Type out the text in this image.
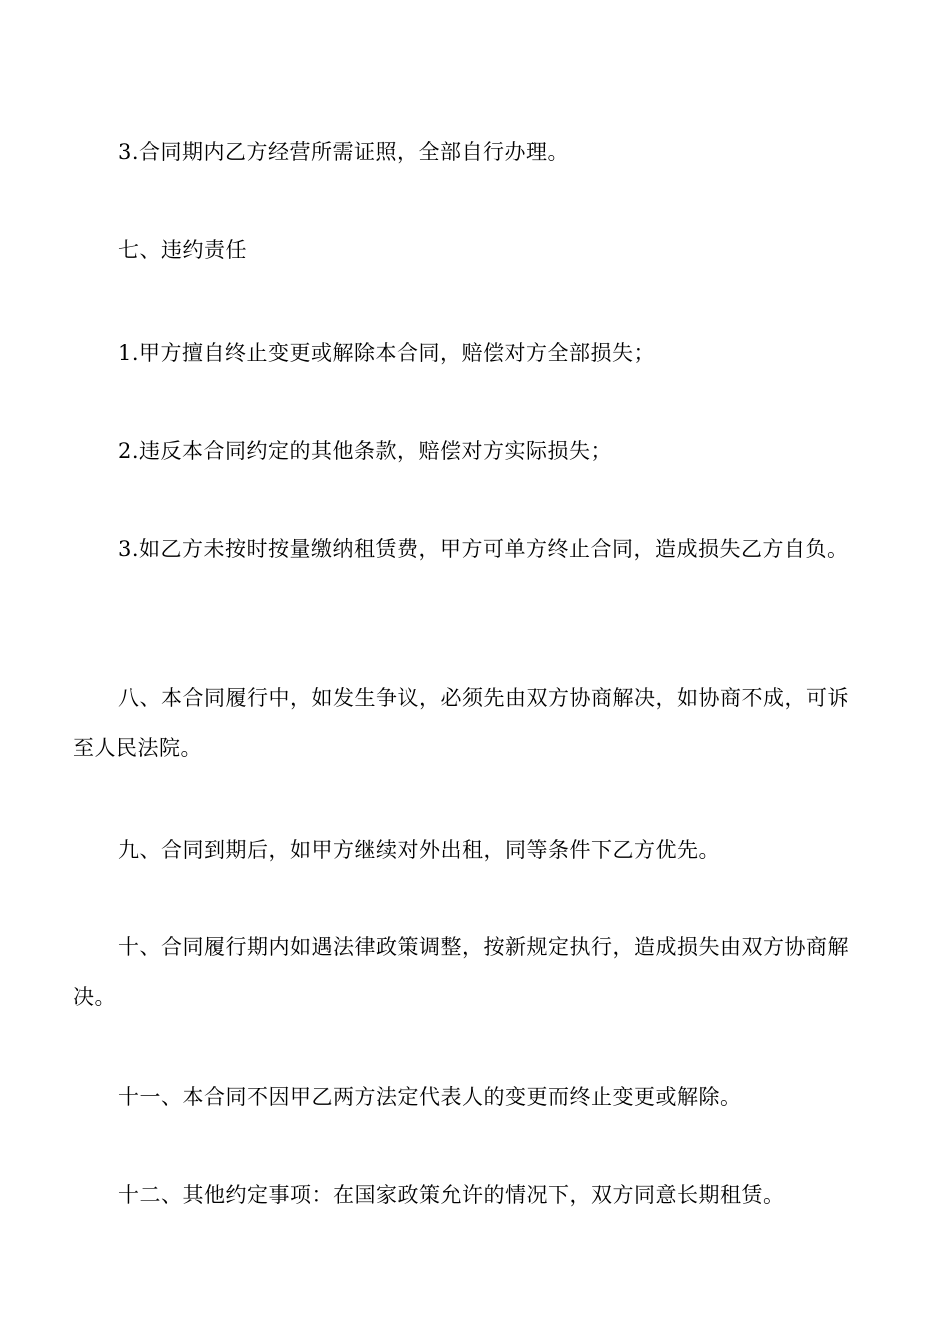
3.合同期内乙方经营所需证照，全部自行办理。
七、违约责任
1.甲方擅自终止变更或解除本合同，赔偿对方全部损失；
2.违反本合同约定的其他条款，赔偿对方实际损失；
3.如乙方未按时按量缴纳租赁费，甲方可单方终止合同，造成损失乙方自负。
八、本合同履行中，如发生争议，必须先由双方协商解决，如协商不成，可诉
至人民法院。
九、合同到期后，如甲方继续对外出租，同等条件下乙方优先。
十、合同履行期内如遇法律政策调整，按新规定执行，造成损失由双方协商解
决。
十一、本合同不因甲乙两方法定代表人的变更而终止变更或解除。
十二、其他约定事项：在国家政策允许的情况下，双方同意长期租赁。
